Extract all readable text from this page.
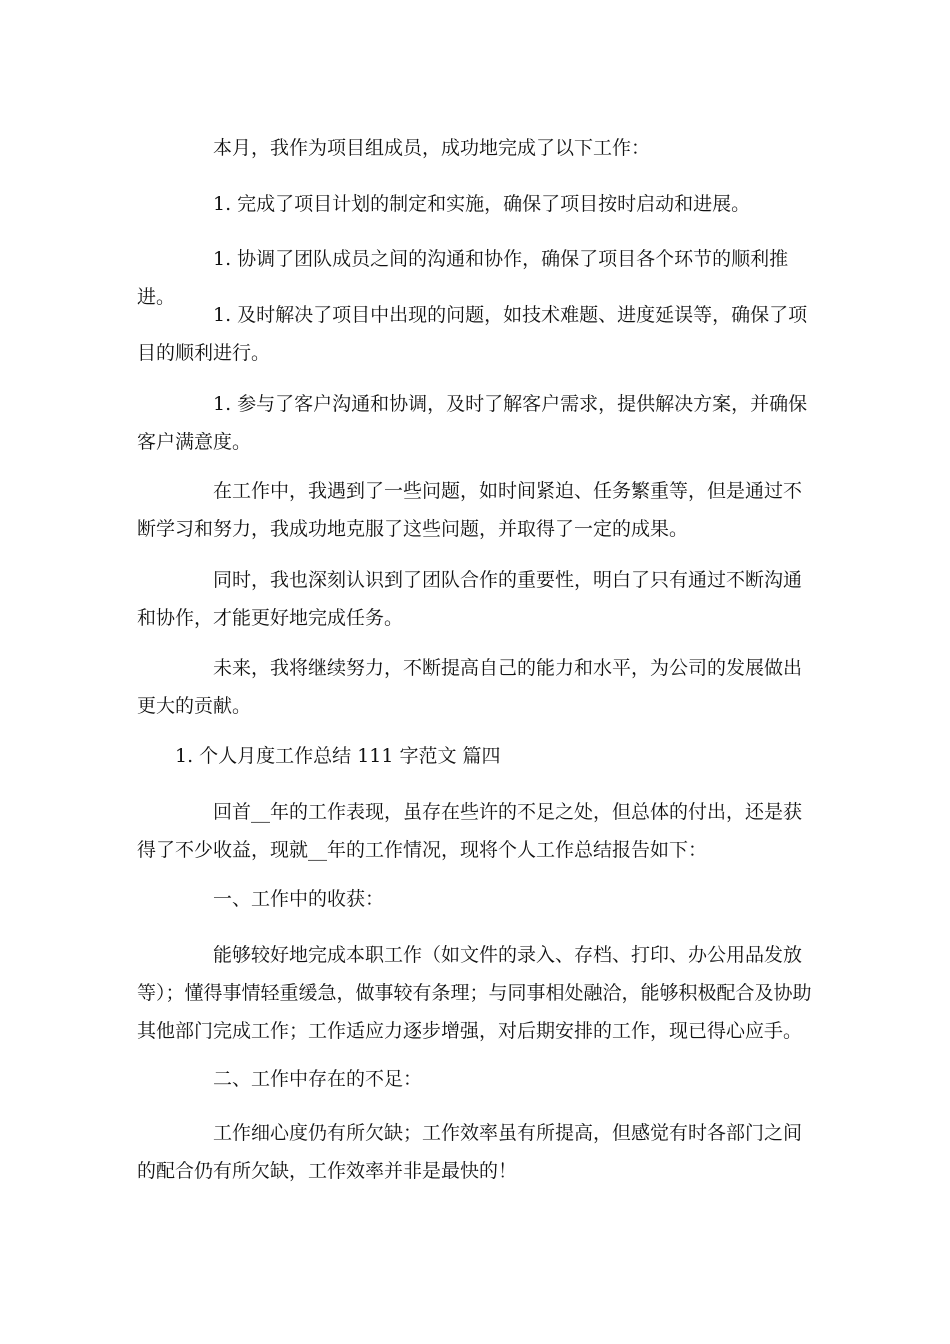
本月，我作为项目组成员，成功地完成了以下工作：

1. 完成了项目计划的制定和实施，确保了项目按时启动和进展。

1. 协调了团队成员之间的沟通和协作，确保了项目各个环节的顺利推进。

1. 及时解决了项目中出现的问题，如技术难题、进度延误等，确保了项目的顺利进行。

1. 参与了客户沟通和协调，及时了解客户需求，提供解决方案，并确保客户满意度。

在工作中，我遇到了一些问题，如时间紧迫、任务繁重等，但是通过不断学习和努力，我成功地克服了这些问题，并取得了一定的成果。

同时，我也深刻认识到了团队合作的重要性，明白了只有通过不断沟通和协作，才能更好地完成任务。

未来，我将继续努力，不断提高自己的能力和水平，为公司的发展做出更大的贡献。

1. 个人月度工作总结 111 字范文 篇四

回首__年的工作表现，虽存在些许的不足之处，但总体的付出，还是获得了不少收益，现就__年的工作情况，现将个人工作总结报告如下：

一、工作中的收获：

能够较好地完成本职工作（如文件的录入、存档、打印、办公用品发放等）；懂得事情轻重缓急，做事较有条理；与同事相处融洽，能够积极配合及协助其他部门完成工作；工作适应力逐步增强，对后期安排的工作，现已得心应手。

二、工作中存在的不足：

工作细心度仍有所欠缺；工作效率虽有所提高，但感觉有时各部门之间的配合仍有所欠缺，工作效率并非是最快的！
